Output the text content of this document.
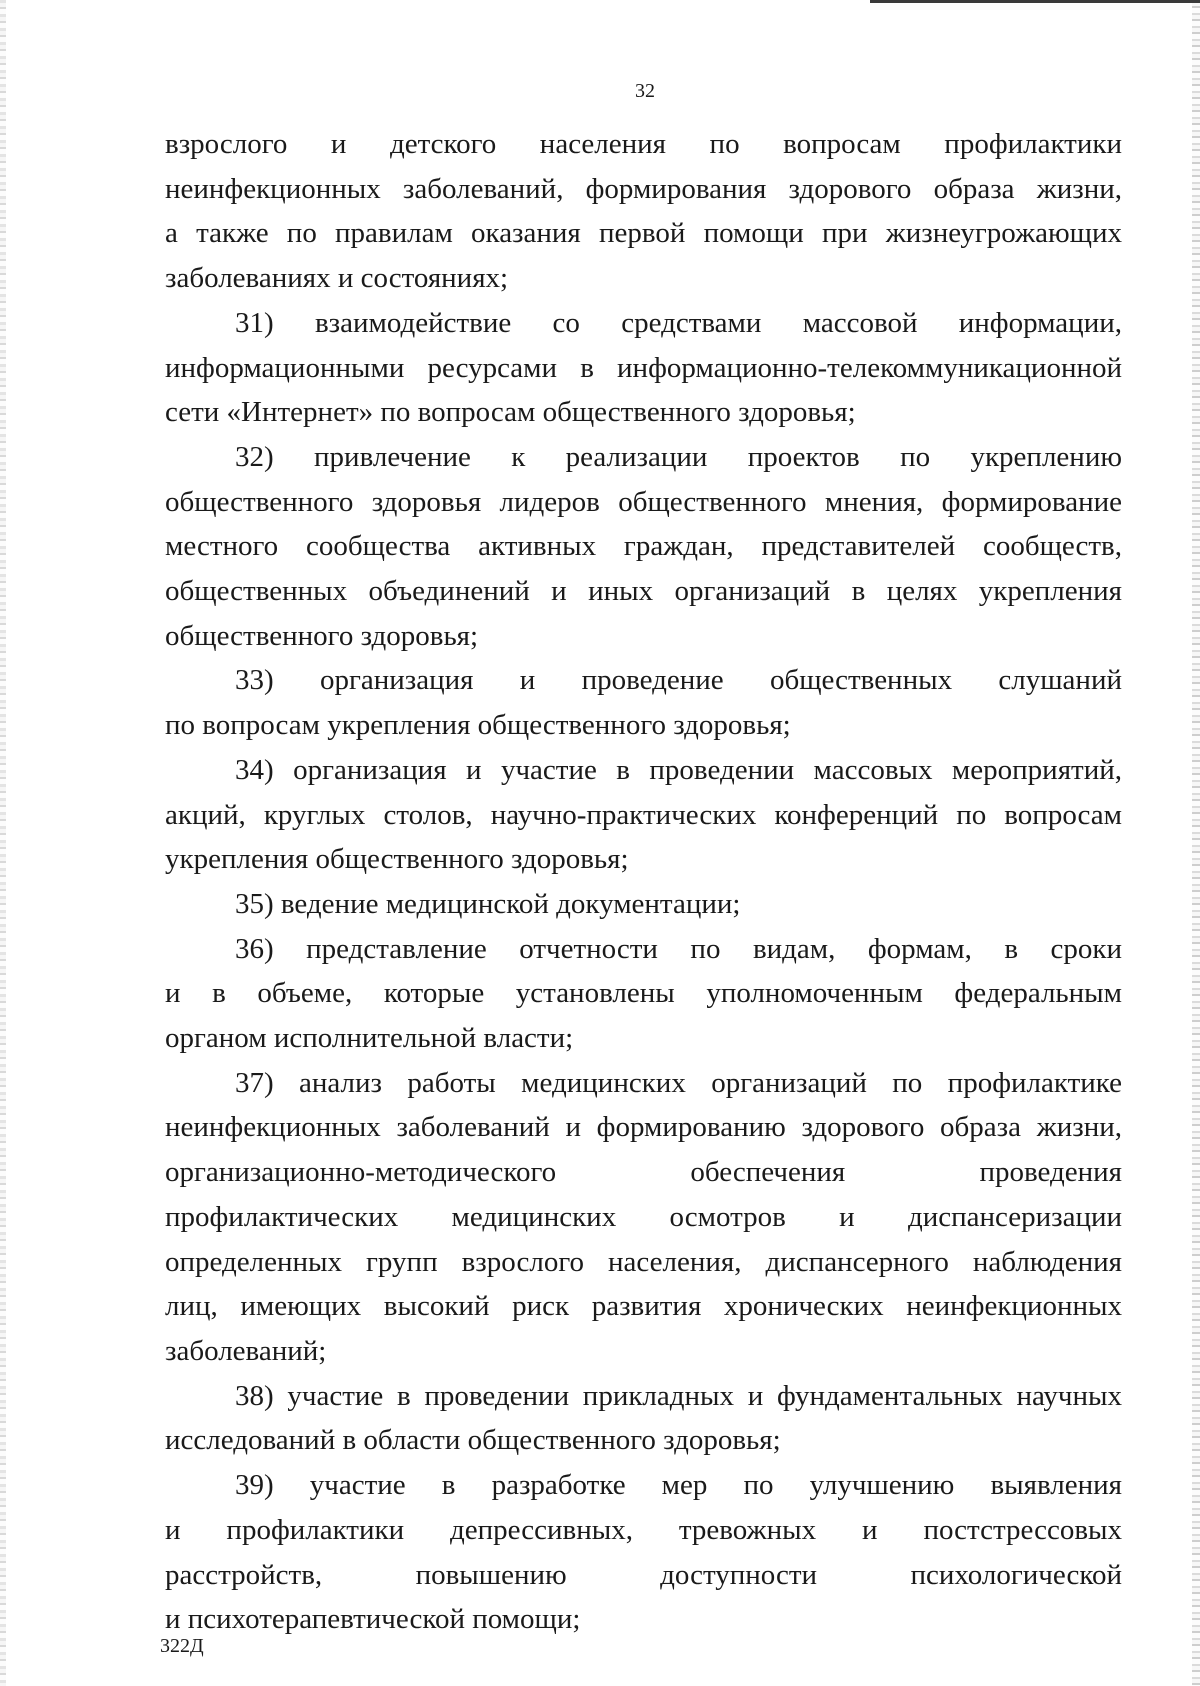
32
взрослого и детского населения по вопросам профилактики
неинфекционных заболеваний, формирования здорового образа жизни,
а также по правилам оказания первой помощи при жизнеугрожающих
заболеваниях и состояниях;
31) взаимодействие со средствами массовой информации,
информационными ресурсами в информационно-телекоммуникационной
сети «Интернет» по вопросам общественного здоровья;
32) привлечение к реализации проектов по укреплению
общественного здоровья лидеров общественного мнения, формирование
местного сообщества активных граждан, представителей сообществ,
общественных объединений и иных организаций в целях укрепления
общественного здоровья;
33) организация и проведение общественных слушаний
по вопросам укрепления общественного здоровья;
34) организация и участие в проведении массовых мероприятий,
акций, круглых столов, научно-практических конференций по вопросам
укрепления общественного здоровья;
35) ведение медицинской документации;
36) представление отчетности по видам, формам, в сроки
и в объеме, которые установлены уполномоченным федеральным
органом исполнительной власти;
37) анализ работы медицинских организаций по профилактике
неинфекционных заболеваний и формированию здорового образа жизни,
организационно-методического обеспечения проведения
профилактических медицинских осмотров и диспансеризации
определенных групп взрослого населения, диспансерного наблюдения
лиц, имеющих высокий риск развития хронических неинфекционных
заболеваний;
38) участие в проведении прикладных и фундаментальных научных
исследований в области общественного здоровья;
39) участие в разработке мер по улучшению выявления
и профилактики депрессивных, тревожных и постстрессовых
расстройств, повышению доступности психологической
и психотерапевтической помощи;
322Д
